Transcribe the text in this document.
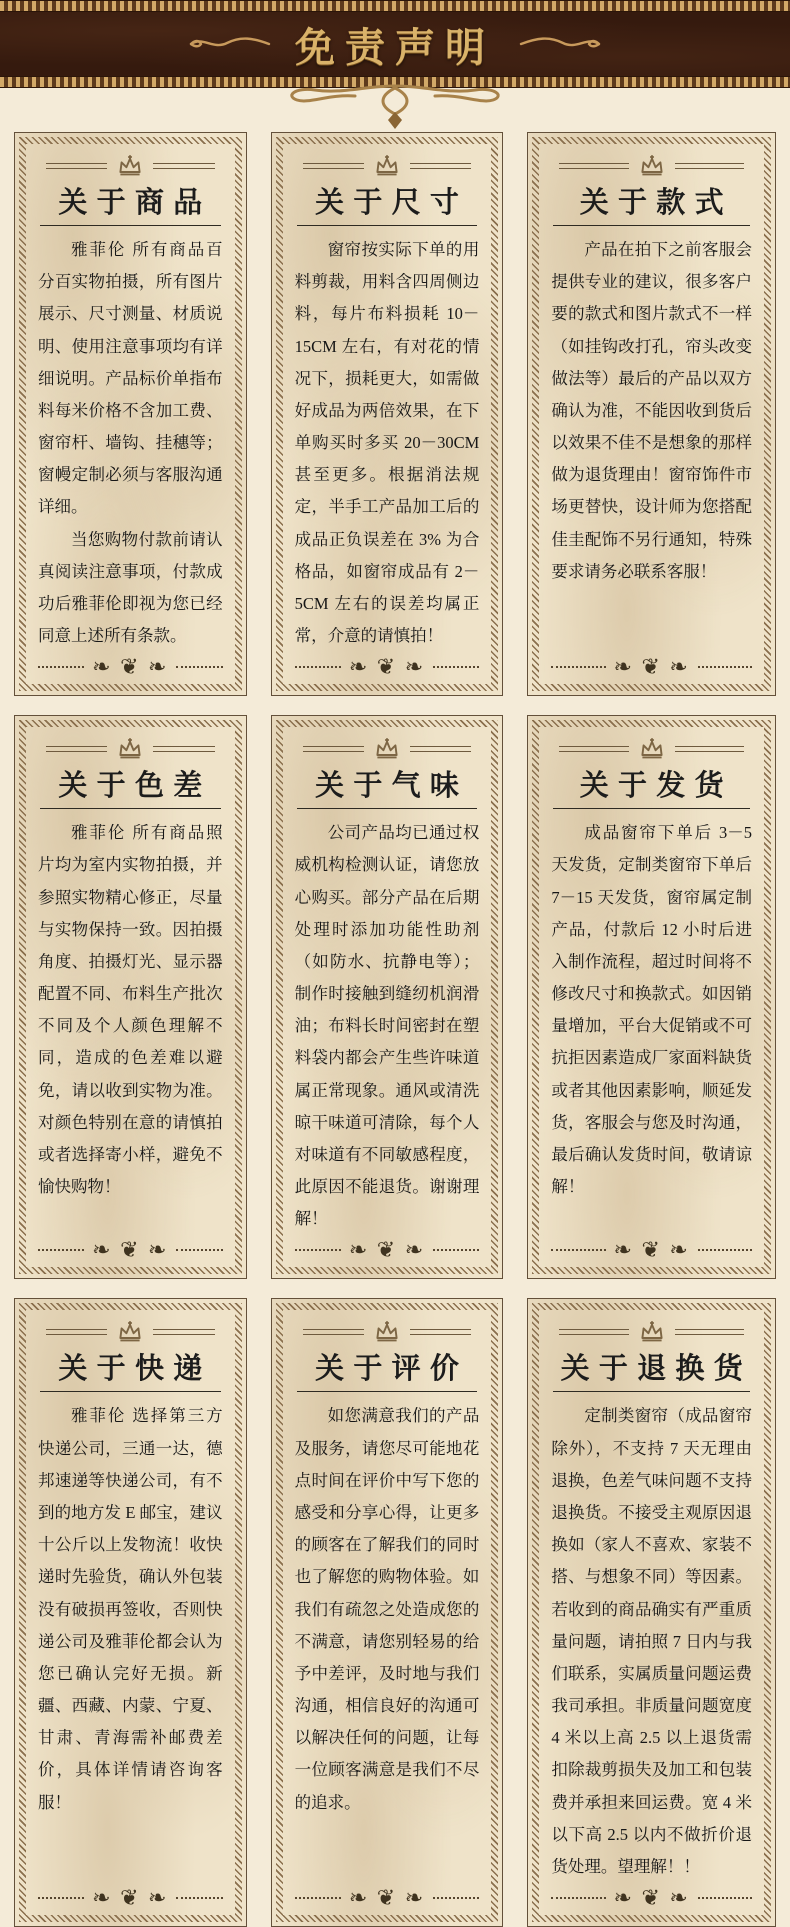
免责声明
关于商品

雅菲伦 所有商品百分百实物拍摄，所有图片展示、尺寸测量、材质说明、使用注意事项均有详细说明。产品标价单指布料每米价格不含加工费、窗帘杆、墙钩、挂穗等；窗幔定制必须与客服沟通详细。

当您购物付款前请认真阅读注意事项，付款成功后雅菲伦即视为您已经同意上述所有条款。

❧ ❦ ❧
关于尺寸

窗帘按实际下单的用料剪裁，用料含四周侧边料，每片布料损耗 10－15CM 左右，有对花的情况下，损耗更大，如需做好成品为两倍效果，在下单购买时多买 20－30CM 甚至更多。根据消法规定，半手工产品加工后的成品正负误差在 3% 为合格品，如窗帘成品有 2－5CM 左右的误差均属正常，介意的请慎拍！

❧ ❦ ❧
关于款式

产品在拍下之前客服会提供专业的建议，很多客户要的款式和图片款式不一样（如挂钩改打孔，帘头改变做法等）最后的产品以双方确认为准，不能因收到货后以效果不佳不是想象的那样做为退货理由！窗帘饰件市场更替快，设计师为您搭配佳圭配饰不另行通知，特殊要求请务必联系客服！

❧ ❦ ❧
关于色差

雅菲伦 所有商品照片均为室内实物拍摄，并参照实物精心修正，尽量与实物保持一致。因拍摄角度、拍摄灯光、显示器配置不同、布料生产批次不同及个人颜色理解不同，造成的色差难以避免，请以收到实物为准。对颜色特别在意的请慎拍或者选择寄小样，避免不愉快购物！

❧ ❦ ❧
关于气味

公司产品均已通过权威机构检测认证，请您放心购买。部分产品在后期处理时添加功能性助剂（如防水、抗静电等）；制作时接触到缝纫机润滑油；布料长时间密封在塑料袋内都会产生些许味道属正常现象。通风或清洗晾干味道可清除，每个人对味道有不同敏感程度，此原因不能退货。谢谢理解！

❧ ❦ ❧
关于发货

成品窗帘下单后 3－5 天发货，定制类窗帘下单后 7－15 天发货，窗帘属定制产品，付款后 12 小时后进入制作流程，超过时间将不修改尺寸和换款式。如因销量增加，平台大促销或不可抗拒因素造成厂家面料缺货或者其他因素影响，顺延发货，客服会与您及时沟通，最后确认发货时间，敬请谅解！

❧ ❦ ❧
关于快递

雅菲伦 选择第三方快递公司，三通一达，德邦速递等快递公司，有不到的地方发 E 邮宝，建议十公斤以上发物流！收快递时先验货，确认外包装没有破损再签收，否则快递公司及雅菲伦都会认为您已确认完好无损。新疆、西藏、内蒙、宁夏、甘肃、青海需补邮费差价，具体详情请咨询客服！

❧ ❦ ❧
关于评价

如您满意我们的产品及服务，请您尽可能地花点时间在评价中写下您的感受和分享心得，让更多的顾客在了解我们的同时也了解您的购物体验。如我们有疏忽之处造成您的不满意，请您别轻易的给予中差评，及时地与我们沟通，相信良好的沟通可以解决任何的问题，让每一位顾客满意是我们不尽的追求。

❧ ❦ ❧
关于退换货

定制类窗帘（成品窗帘除外），不支持 7 天无理由退换，色差气味问题不支持退换货。不接受主观原因退换如（家人不喜欢、家装不搭、与想象不同）等因素。若收到的商品确实有严重质量问题，请拍照 7 日内与我们联系，实属质量问题运费我司承担。非质量问题宽度 4 米以上高 2.5 以上退货需扣除裁剪损失及加工和包装费并承担来回运费。宽 4 米以下高 2.5 以内不做折价退货处理。望理解！！

❧ ❦ ❧
